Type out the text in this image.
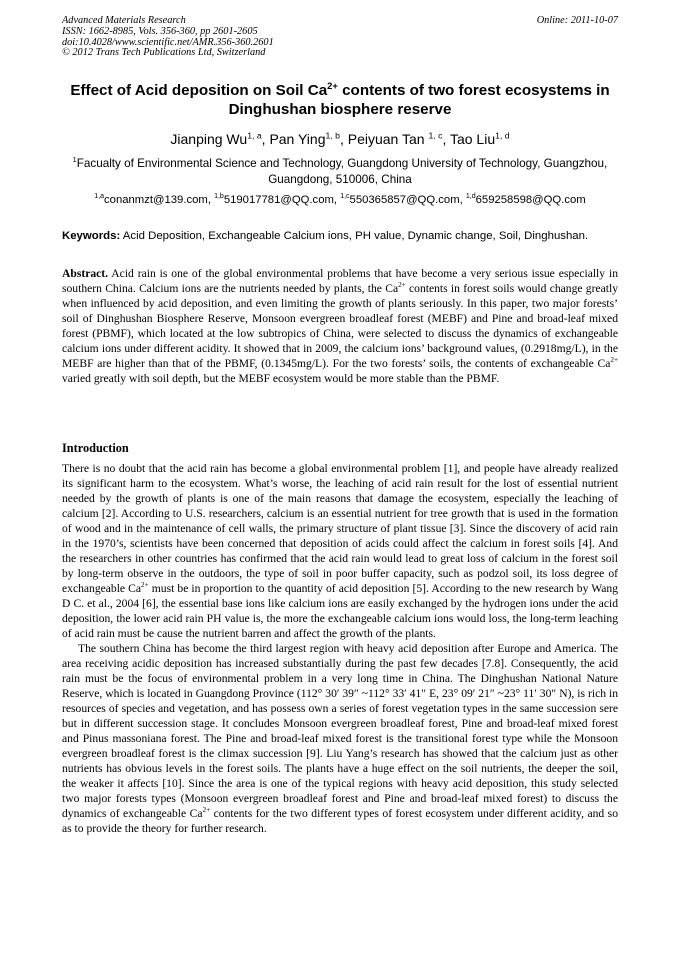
Advanced Materials Research
ISSN: 1662-8985, Vols. 356-360, pp 2601-2605
doi:10.4028/www.scientific.net/AMR.356-360.2601
© 2012 Trans Tech Publications Ltd, Switzerland
Online: 2011-10-07
Effect of Acid deposition on Soil $Ca^{2+}$ contents of two forest ecosystems in Dinghushan biosphere reserve
Jianping Wu$^{1, a}$, Pan Ying$^{1, b}$, Peiyuan Tan $^{1, c}$, Tao Liu$^{1, d}$
$^1$Facualty of Environmental Science and Technology, Guangdong University of Technology, Guangzhou, Guangdong, 510006, China
$^{1,a}$conanmzt@139.com, $^{1,b}$519017781@QQ.com, $^{1,c}$550365857@QQ.com, $^{1,d}$659258598@QQ.com
Keywords: Acid Deposition, Exchangeable Calcium ions, PH value, Dynamic change, Soil, Dinghushan.
Abstract. Acid rain is one of the global environmental problems that have become a very serious issue especially in southern China. Calcium ions are the nutrients needed by plants, the $Ca^{2+}$ contents in forest soils would change greatly when influenced by acid deposition, and even limiting the growth of plants seriously. In this paper, two major forests’ soil of Dinghushan Biosphere Reserve, Monsoon evergreen broadleaf forest (MEBF) and Pine and broad-leaf mixed forest (PBMF), which located at the low subtropics of China, were selected to discuss the dynamics of exchangeable calcium ions under different acidity. It showed that in 2009, the calcium ions’ background values, (0.2918mg/L), in the MEBF are higher than that of the PBMF, (0.1345mg/L). For the two forests’ soils, the contents of exchangeable $Ca^{2+}$ varied greatly with soil depth, but the MEBF ecosystem would be more stable than the PBMF.
Introduction

There is no doubt that the acid rain has become a global environmental problem [1], and people have already realized its significant harm to the ecosystem. What’s worse, the leaching of acid rain result for the lost of essential nutrient needed by the growth of plants is one of the main reasons that damage the ecosystem, especially the leaching of calcium [2]. According to U.S. researchers, calcium is an essential nutrient for tree growth that is used in the formation of wood and in the maintenance of cell walls, the primary structure of plant tissue [3]. Since the discovery of acid rain in the 1970’s, scientists have been concerned that deposition of acids could affect the calcium in forest soils [4]. And the researchers in other countries has confirmed that the acid rain would lead to great loss of calcium in the forest soil by long-term observe in the outdoors, the type of soil in poor buffer capacity, such as podzol soil, its loss degree of exchangeable $Ca^{2+}$ must be in proportion to the quantity of acid deposition [5]. According to the new research by Wang D C. et al., 2004 [6], the essential base ions like calcium ions are easily exchanged by the hydrogen ions under the acid deposition, the lower acid rain PH value is, the more the exchangeable calcium ions would loss, the long-term leaching of acid rain must be cause the nutrient barren and affect the growth of the plants.

The southern China has become the third largest region with heavy acid deposition after Europe and America. The area receiving acidic deposition has increased substantially during the past few decades [7.8]. Consequently, the acid rain must be the focus of environmental problem in a very long time in China. The Dinghushan National Nature Reserve, which is located in Guangdong Province (112° 30′ 39″ ~112° 33′ 41″ E, 23° 09′ 21″ ~23° 11′ 30″ N), is rich in resources of species and vegetation, and has possess own a series of forest vegetation types in the same succession sere but in different succession stage. It concludes Monsoon evergreen broadleaf forest, Pine and broad-leaf mixed forest and Pinus massoniana forest. The Pine and broad-leaf mixed forest is the transitional forest type while the Monsoon evergreen broadleaf forest is the climax succession [9]. Liu Yang’s research has showed that the calcium just as other nutrients has obvious levels in the forest soils. The plants have a huge effect on the soil nutrients, the deeper the soil, the weaker it affects [10]. Since the area is one of the typical regions with heavy acid deposition, this study selected two major forests types (Monsoon evergreen broadleaf forest and Pine and broad-leaf mixed forest) to discuss the dynamics of exchangeable $Ca^{2+}$ contents for the two different types of forest ecosystem under different acidity, and so as to provide the theory for further research.
